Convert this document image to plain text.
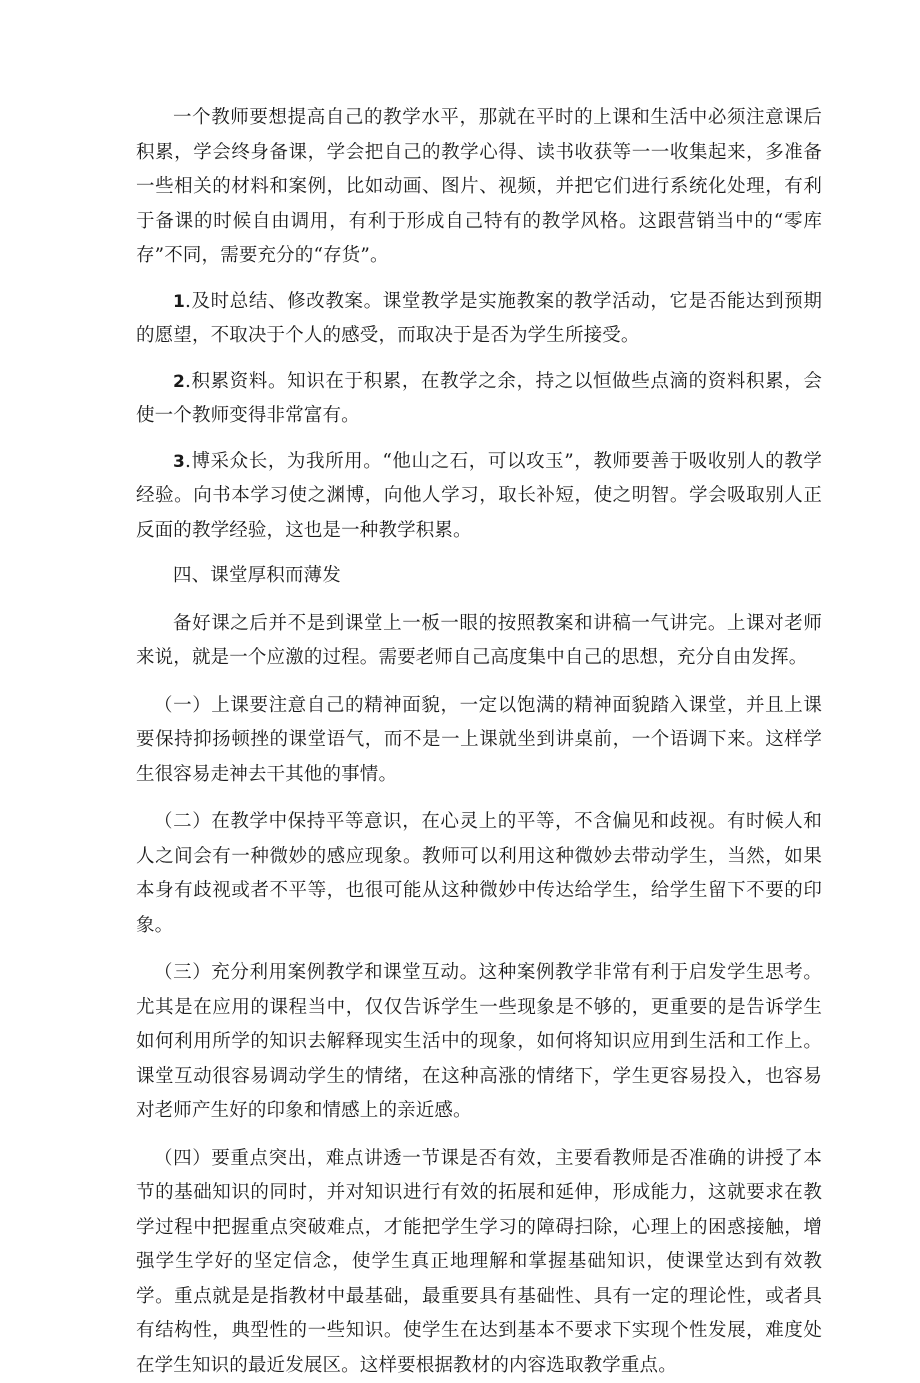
一个教师要想提高自己的教学水平，那就在平时的上课和生活中必须注意课后积累，学会终身备课，学会把自己的教学心得、读书收获等一一收集起来，多准备一些相关的材料和案例，比如动画、图片、视频，并把它们进行系统化处理，有利于备课的时候自由调用，有利于形成自己特有的教学风格。这跟营销当中的“零库存”不同，需要充分的“存货”。

1.及时总结、修改教案。课堂教学是实施教案的教学活动，它是否能达到预期的愿望，不取决于个人的感受，而取决于是否为学生所接受。

2.积累资料。知识在于积累，在教学之余，持之以恒做些点滴的资料积累，会使一个教师变得非常富有。

3.博采众长，为我所用。“他山之石，可以攻玉”，教师要善于吸收别人的教学经验。向书本学习使之渊博，向他人学习，取长补短，使之明智。学会吸取别人正反面的教学经验，这也是一种教学积累。

四、课堂厚积而薄发

备好课之后并不是到课堂上一板一眼的按照教案和讲稿一气讲完。上课对老师来说，就是一个应激的过程。需要老师自己高度集中自己的思想，充分自由发挥。

（一）上课要注意自己的精神面貌，一定以饱满的精神面貌踏入课堂，并且上课要保持抑扬顿挫的课堂语气，而不是一上课就坐到讲桌前，一个语调下来。这样学生很容易走神去干其他的事情。

（二）在教学中保持平等意识，在心灵上的平等，不含偏见和歧视。有时候人和人之间会有一种微妙的感应现象。教师可以利用这种微妙去带动学生，当然，如果本身有歧视或者不平等，也很可能从这种微妙中传达给学生，给学生留下不要的印象。

（三）充分利用案例教学和课堂互动。这种案例教学非常有利于启发学生思考。尤其是在应用的课程当中，仅仅告诉学生一些现象是不够的，更重要的是告诉学生如何利用所学的知识去解释现实生活中的现象，如何将知识应用到生活和工作上。课堂互动很容易调动学生的情绪，在这种高涨的情绪下，学生更容易投入，也容易对老师产生好的印象和情感上的亲近感。

（四）要重点突出，难点讲透一节课是否有效，主要看教师是否准确的讲授了本节的基础知识的同时，并对知识进行有效的拓展和延伸，形成能力，这就要求在教学过程中把握重点突破难点，才能把学生学习的障碍扫除，心理上的困惑接触，增强学生学好的坚定信念，使学生真正地理解和掌握基础知识，使课堂达到有效教学。重点就是是指教材中最基础，最重要具有基础性、具有一定的理论性，或者具有结构性，典型性的一些知识。使学生在达到基本不要求下实现个性发展，难度处在学生知识的最近发展区。这样要根据教材的内容选取教学重点。
